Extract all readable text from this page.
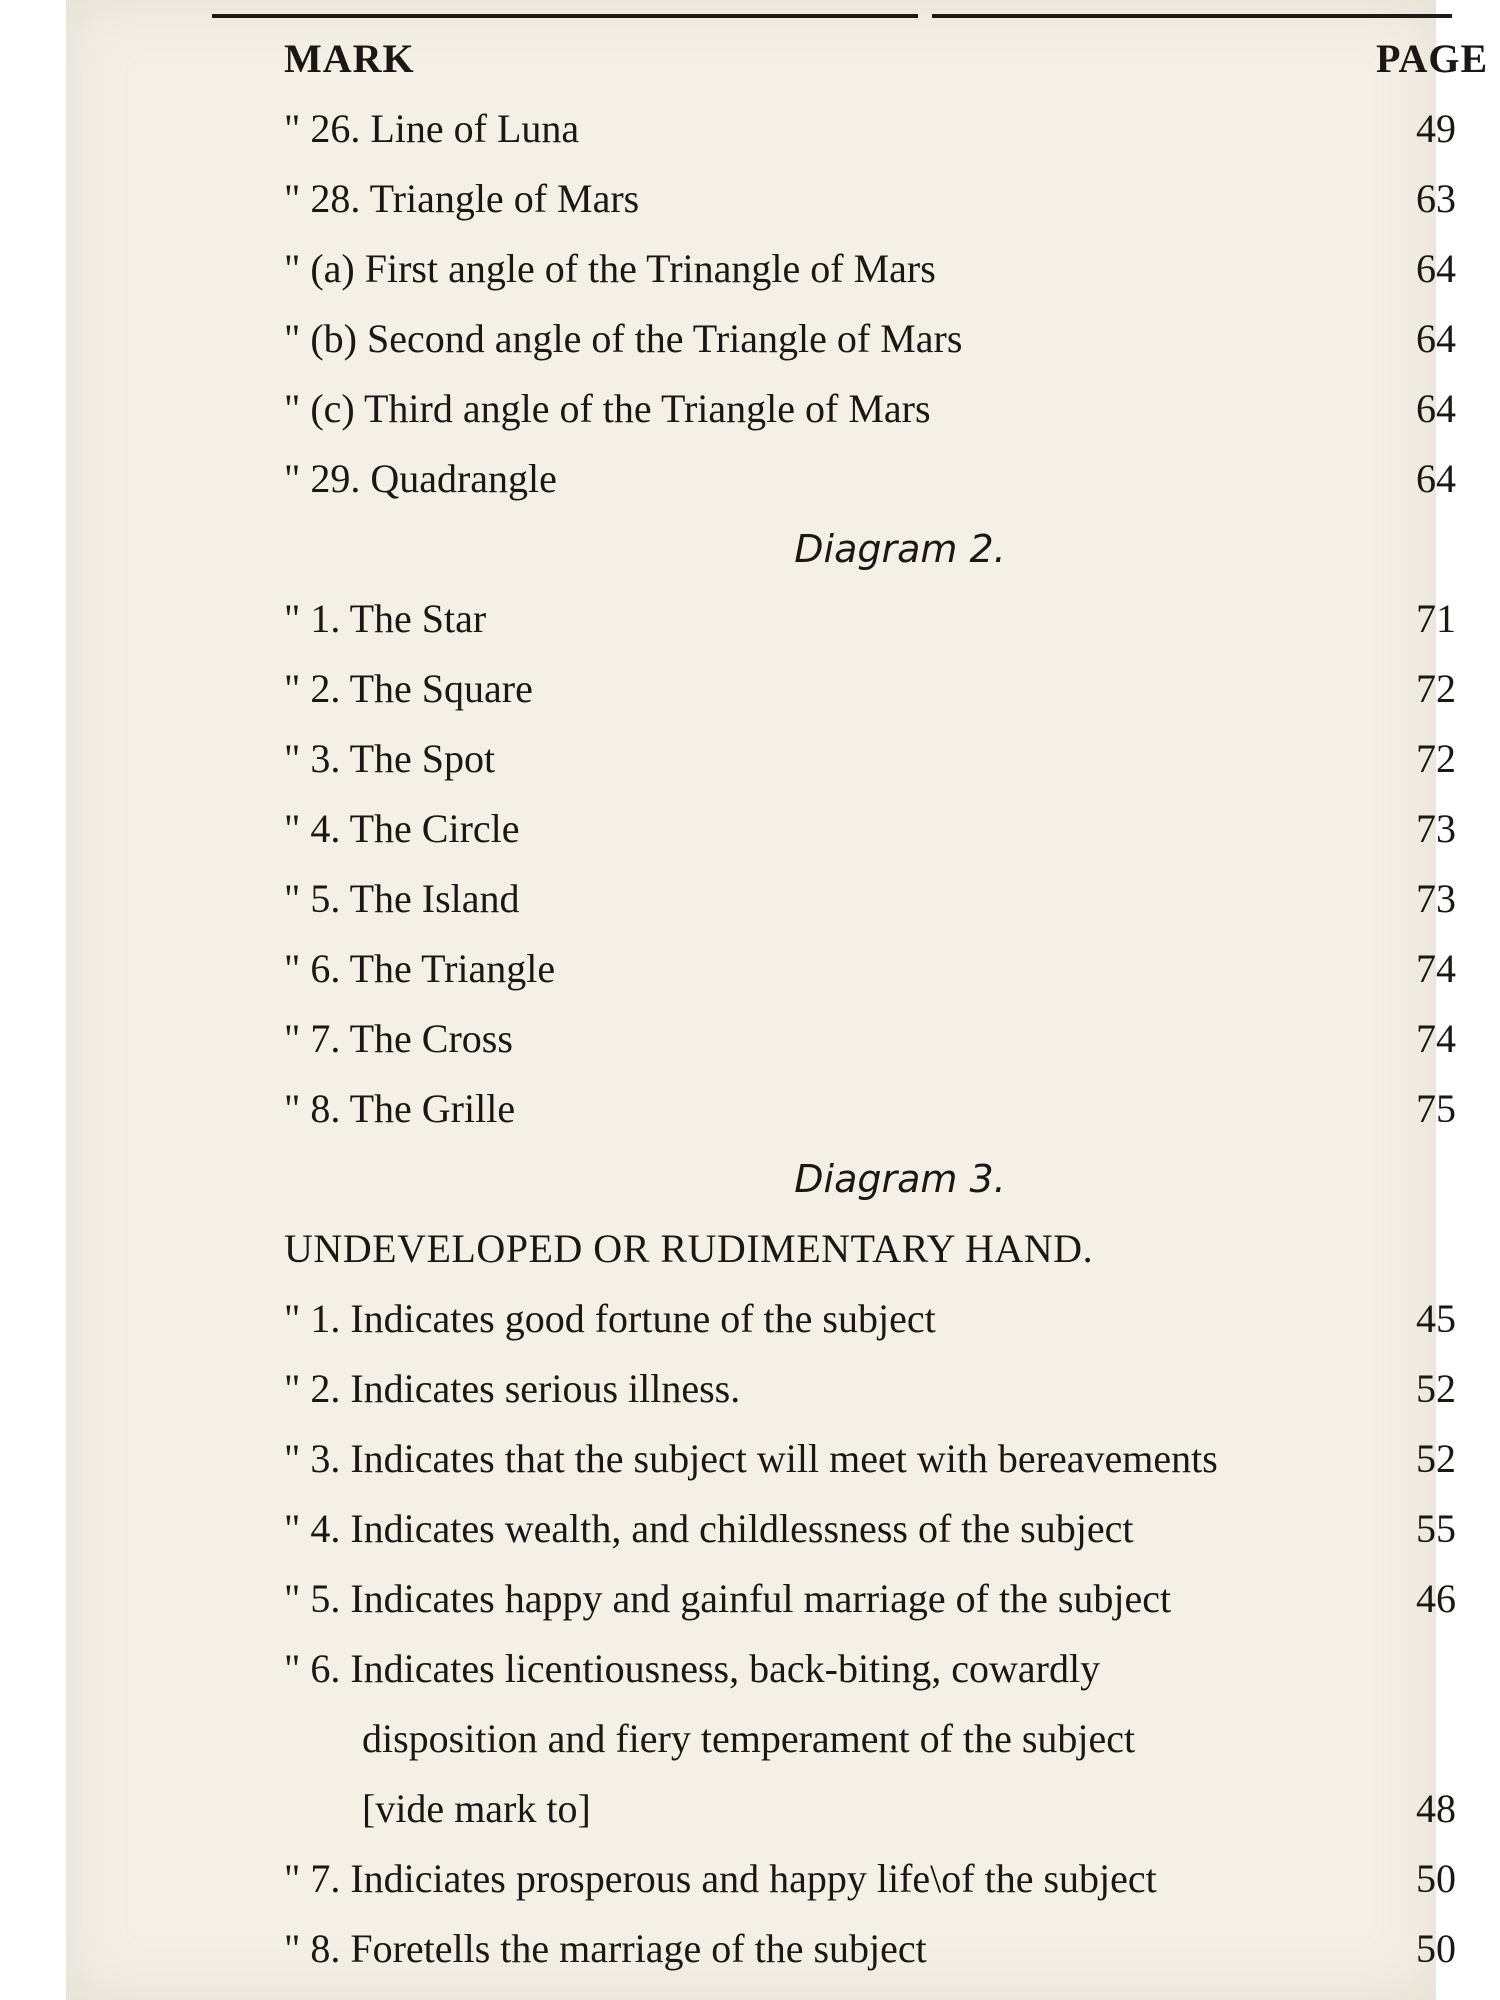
MARK	PAGE
" 26. Line of Luna	49
" 28. Triangle of Mars	63
" (a) First angle of the Trinangle of Mars	64
" (b) Second angle of the Triangle of Mars	64
" (c) Third angle of the Triangle of Mars	64
" 29. Quadrangle	64
Diagram 2.
" 1. The Star	71
" 2. The Square	72
" 3. The Spot	72
" 4. The Circle	73
" 5. The Island	73
" 6. The Triangle	74
" 7. The Cross	74
" 8. The Grille	75
Diagram 3.
UNDEVELOPED OR RUDIMENTARY HAND.
" 1. Indicates good fortune of the subject	45
" 2. Indicates serious illness.	52
" 3. Indicates that the subject will meet with bereavements	52
" 4. Indicates wealth, and childlessness of the subject	55
" 5. Indicates happy and gainful marriage of the subject	46
" 6. Indicates licentiousness, back-biting, cowardly
disposition and fiery temperament of the subject
[vide mark to]	48
" 7. Indiciates prosperous and happy life\of the subject	50
" 8. Foretells the marriage of the subject	50
